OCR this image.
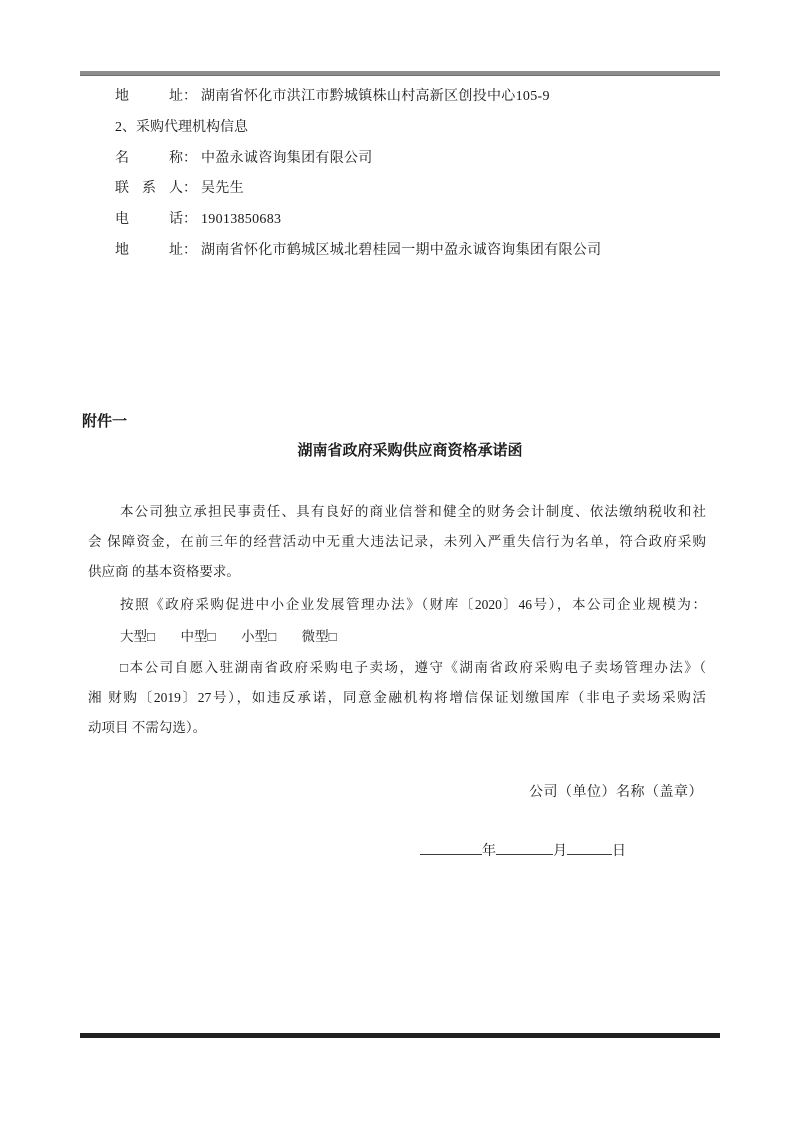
地址： 湖南省怀化市洪江市黔城镇株山村高新区创投中心105-9
2、采购代理机构信息
名称： 中盈永诚咨询集团有限公司
联系人： 吴先生
电话： 19013850683
地址： 湖南省怀化市鹤城区城北碧桂园一期中盈永诚咨询集团有限公司
附件一
湖南省政府采购供应商资格承诺函
本公司独立承担民事责任、具有良好的商业信誉和健全的财务会计制度、依法缴纳税收和社
会 保障资金，在前三年的经营活动中无重大违法记录，未列入严重失信行为名单，符合政府采购
供应商 的基本资格要求。
按照《政府采购促进中小企业发展管理办法》（财库〔2020〕46号），本公司企业规模为：
大型□ 中型□ 小型□ 微型□
□本公司自愿入驻湖南省政府采购电子卖场，遵守《湖南省政府采购电子卖场管理办法》（
湘 财购〔2019〕27号），如违反承诺，同意金融机构将增信保证划缴国库（非电子卖场采购活
动项目 不需勾选）。
公司（单位）名称（盖章）
年	月	日
